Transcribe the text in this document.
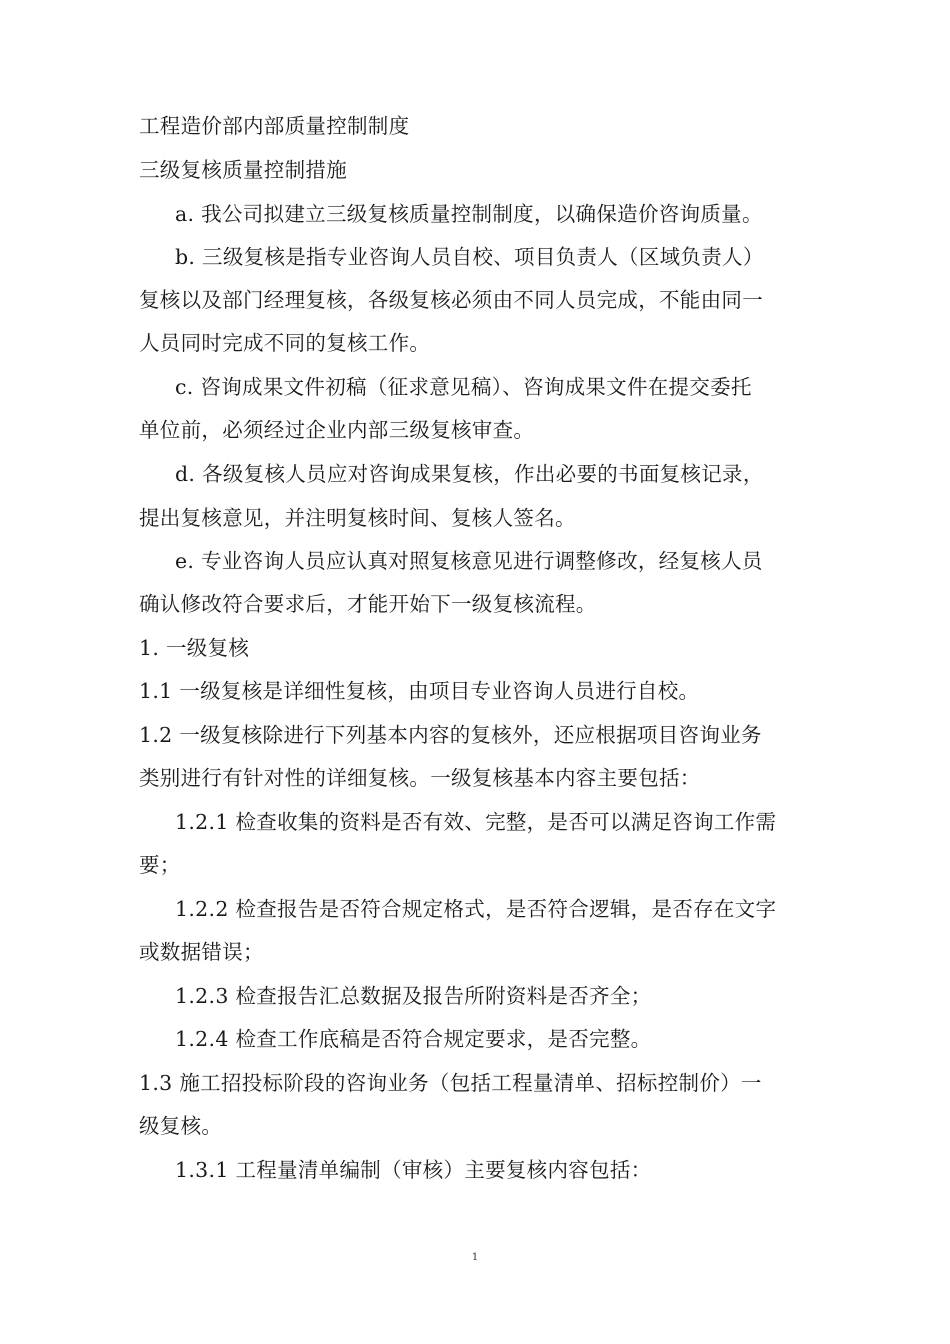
工程造价部内部质量控制制度
三级复核质量控制措施
a. 我公司拟建立三级复核质量控制制度，以确保造价咨询质量。
b. 三级复核是指专业咨询人员自校、项目负责人（区域负责人）
复核以及部门经理复核，各级复核必须由不同人员完成，不能由同一
人员同时完成不同的复核工作。
c. 咨询成果文件初稿（征求意见稿）、咨询成果文件在提交委托
单位前，必须经过企业内部三级复核审查。
d. 各级复核人员应对咨询成果复核，作出必要的书面复核记录，
提出复核意见，并注明复核时间、复核人签名。
e. 专业咨询人员应认真对照复核意见进行调整修改，经复核人员
确认修改符合要求后，才能开始下一级复核流程。
1. 一级复核
1.1 一级复核是详细性复核，由项目专业咨询人员进行自校。
1.2 一级复核除进行下列基本内容的复核外，还应根据项目咨询业务
类别进行有针对性的详细复核。一级复核基本内容主要包括：
1.2.1 检查收集的资料是否有效、完整，是否可以满足咨询工作需
要；
1.2.2 检查报告是否符合规定格式，是否符合逻辑，是否存在文字
或数据错误；
1.2.3 检查报告汇总数据及报告所附资料是否齐全；
1.2.4 检查工作底稿是否符合规定要求，是否完整。
1.3 施工招投标阶段的咨询业务（包括工程量清单、招标控制价）一
级复核。
1.3.1 工程量清单编制（审核）主要复核内容包括：
1
